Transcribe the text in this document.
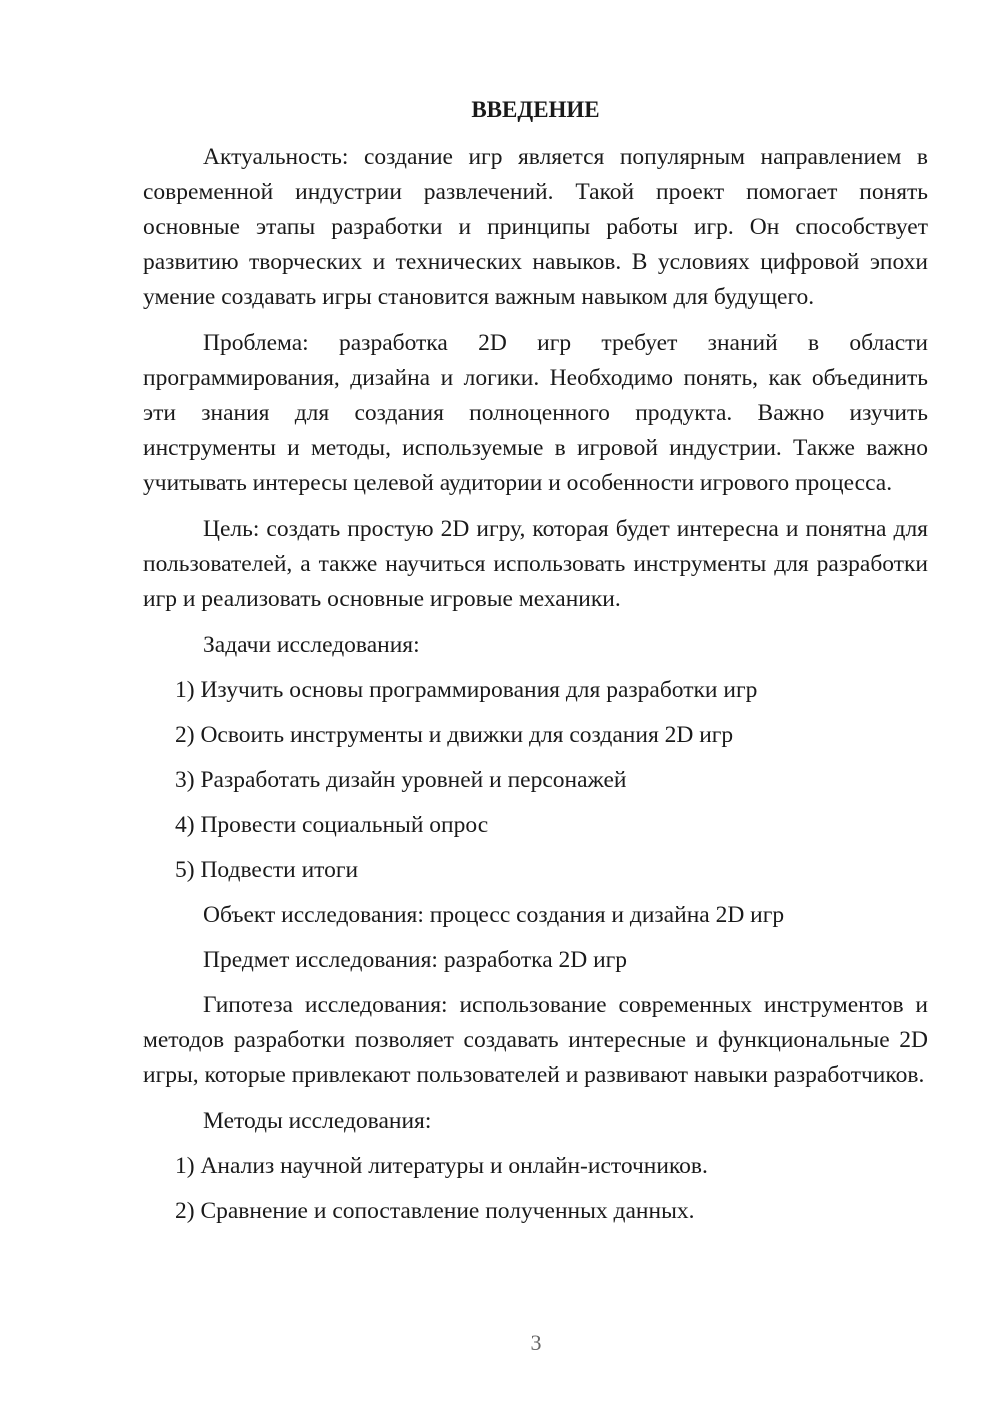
ВВЕДЕНИЕ

Актуальность: создание игр является популярным направлением в современной индустрии развлечений. Такой проект помогает понять основные этапы разработки и принципы работы игр. Он способствует развитию творческих и технических навыков. В условиях цифровой эпохи умение создавать игры становится важным навыком для будущего.

Проблема: разработка 2D игр требует знаний в области программирования, дизайна и логики. Необходимо понять, как объединить эти знания для создания полноценного продукта. Важно изучить инструменты и методы, используемые в игровой индустрии. Также важно учитывать интересы целевой аудитории и особенности игрового процесса.

Цель: создать простую 2D игру, которая будет интересна и понятна для пользователей, а также научиться использовать инструменты для разработки игр и реализовать основные игровые механики.

Задачи исследования:
1) Изучить основы программирования для разработки игр
2) Освоить инструменты и движки для создания 2D игр
3) Разработать дизайн уровней и персонажей
4) Провести социальный опрос
5) Подвести итоги
Объект исследования: процесс создания и дизайна 2D игр
Предмет исследования: разработка 2D игр

Гипотеза исследования: использование современных инструментов и методов разработки позволяет создавать интересные и функциональные 2D игры, которые привлекают пользователей и развивают навыки разработчиков.

Методы исследования:
1) Анализ научной литературы и онлайн-источников.
2) Сравнение и сопоставление полученных данных.
3
